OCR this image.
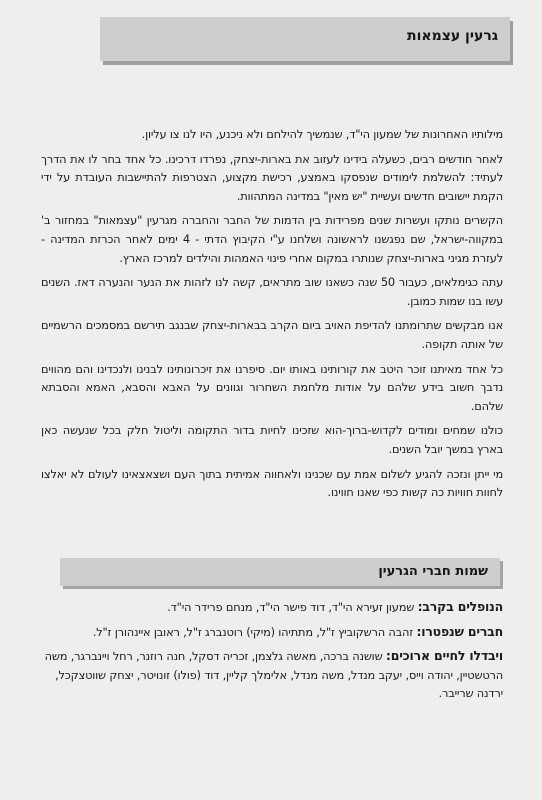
גרעין עצמאות

מילותיו האחרונות של שמעון הי"ד, שנמשיך להילחם ולא ניכנע, היו לנו צו עליון.

לאחר חודשים רבים, כשעלה בידינו לעזוב את בארות-יצחק, נפרדו דרכינו. כל אחד בחר לו את הדרך לעתיד: להשלמת לימודים שנפסקו באמצע, רכישת מקצוע, הצטרפות להתיישבות העובדת על ידי הקמת יישובים חדשים ועשיית "יש מאין" במדינה המתהוות.

הקשרים נותקו ועשרות שנים מפרידות בין הדמות של החבר והחברה מגרעין "עצמאות" במחזור ב' במקווה-ישראל, שם נפגשנו לראשונה ושלחנו ע"י הקיבוץ הדתי - 4 ימים לאחר הכרזת המדינה - לעזרת מגיני בארות-יצחק שנותרו במקום אחרי פינוי האמהות והילדים למרכז הארץ.

עתה כגימלאים, כעבור 50 שנה כשאנו שוב מתראים, קשה לנו לזהות את הנער והנערה דאז. השנים עשו בנו שמות כמובן.

אנו מבקשים שתרומתנו להדיפת האויב ביום הקרב בבארות-יצחק שבנגב תירשם במסמכים הרשמיים של אותה תקופה.

כל אחד מאיתנו זוכר היטב את קורותינו באותו יום. סיפרנו את זיכרונותינו לבנינו ולנכדינו והם מהווים נדבך חשוב בידע שלהם על אודות מלחמת השחרור וגוונים על האבא והסבא, האמא והסבתא שלהם.

כולנו שמחים ומודים לקדוש-ברוך-הוא שזכינו לחיות בדור התקומה וליטול חלק בכל שנעשה כאן בארץ במשך יובל השנים.

מי ייתן ונזכה להגיע לשלום אמת עם שכנינו ולאחווה אמיתית בתוך העם ושצאצאינו לעולם לא יאלצו לחוות חוויות כה קשות כפי שאנו חווינו.

שמות חברי הגרעין

הנופלים בקרב: שמעון זעירא הי"ד, דוד פישר הי"ד, מנחם פרידר הי"ד.

חברים שנפטרו: זהבה הרשקוביץ ז"ל, מתתיהו (מיקי) רוטנברג ז"ל, ראובן איינהורן ז"ל.

ויבדלו לחיים ארוכים: שושנה ברכה, מאשה גלצמן, זכריה דסקל, חנה רוזנר, רחל ויינברגר, משה הרטשטיין, יהודה וייס, יעקב מנדל, משה מנדל, אלימלך קליין, דוד (פולו) זונויטר, יצחק שווטצקכל, ירדנה שרייבר.
